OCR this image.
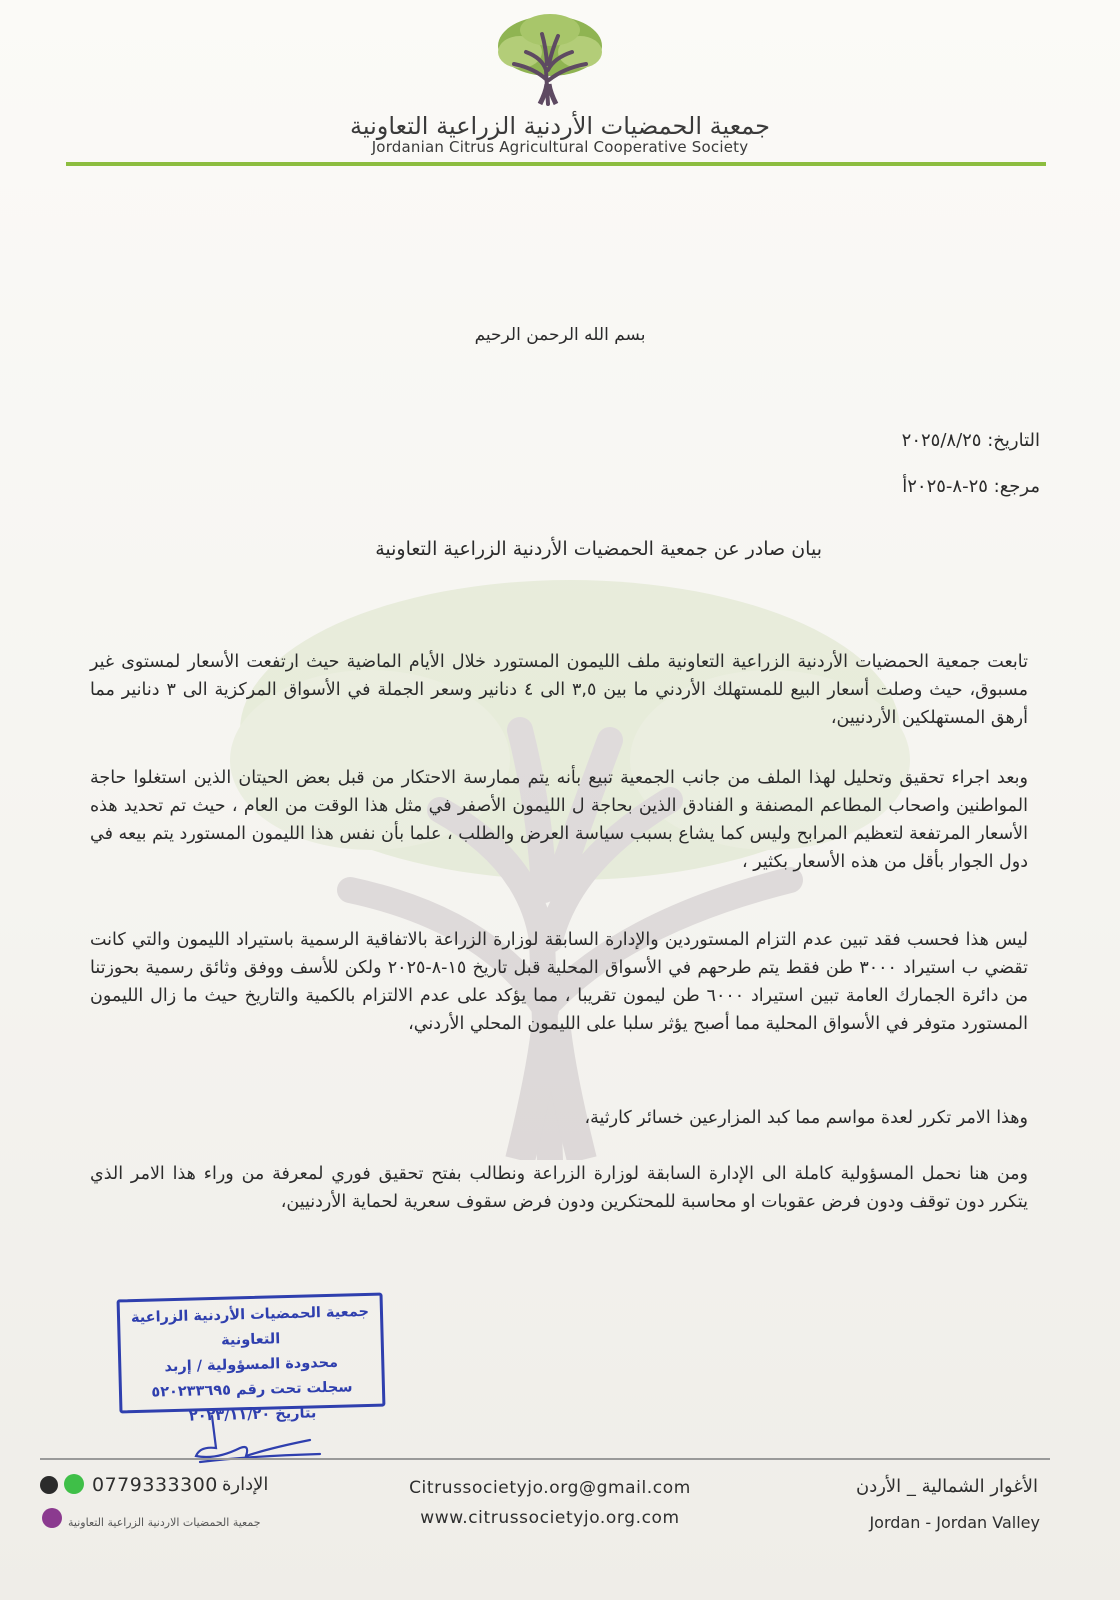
جمعية الحمضيات الأردنية الزراعية التعاونية
Jordanian Citrus Agricultural Cooperative Society
بسم الله الرحمن الرحيم
التاريخ: ٢٠٢٥/٨/٢٥
مرجع: ٢٥-٨-٢٠٢٥أ
بيان صادر عن جمعية الحمضيات الأردنية الزراعية التعاونية
تابعت جمعية الحمضيات الأردنية الزراعية التعاونية ملف الليمون المستورد خلال الأيام الماضية حيث ارتفعت الأسعار لمستوى غير مسبوق، حيث وصلت أسعار البيع للمستهلك الأردني ما بين ٣,٥ الى ٤ دنانير وسعر الجملة في الأسواق المركزية الى ٣ دنانير مما أرهق المستهلكين الأردنيين،
وبعد اجراء تحقيق وتحليل لهذا الملف من جانب الجمعية تبيع بأنه يتم ممارسة الاحتكار من قبل بعض الحيتان الذين استغلوا حاجة المواطنين واصحاب المطاعم المصنفة و الفنادق الذين بحاجة ل الليمون الأصفر في مثل هذا الوقت من العام ، حيث تم تحديد هذه الأسعار المرتفعة لتعظيم المرابح وليس كما يشاع بسبب سياسة العرض والطلب ، علما بأن نفس هذا الليمون المستورد يتم بيعه في دول الجوار بأقل من هذه الأسعار بكثير ،
ليس هذا فحسب فقد تبين عدم التزام المستوردين والإدارة السابقة لوزارة الزراعة بالاتفاقية الرسمية باستيراد الليمون والتي كانت تقضي ب استيراد ٣٠٠٠ طن فقط يتم طرحهم في الأسواق المحلية قبل تاريخ ١٥-٨-٢٠٢٥ ولكن للأسف ووفق وثائق رسمية بحوزتنا من دائرة الجمارك العامة تبين استيراد ٦٠٠٠ طن ليمون تقريبا ، مما يؤكد على عدم الالتزام بالكمية والتاريخ حيث ما زال الليمون المستورد متوفر في الأسواق المحلية مما أصبح يؤثر سلبا على الليمون المحلي الأردني،
وهذا الامر تكرر لعدة مواسم مما كبد المزارعين خسائر كارثية،
ومن هنا نحمل المسؤولية كاملة الى الإدارة السابقة لوزارة الزراعة ونطالب بفتح تحقيق فوري لمعرفة من وراء هذا الامر الذي يتكرر دون توقف ودون فرض عقوبات او محاسبة للمحتكرين ودون فرض سقوف سعرية لحماية الأردنيين،
جمعية الحمضيات الأردنية الزراعية التعاونية
محدودة المسؤولية / إربد
سجلت تحت رقم ٥٢٠٢٣٣٦٩٥
بتاريخ ٢٠٢٣/١١/٢٠
Citrussocietyjo.org@gmail.com
www.citrussocietyjo.org.com
الأغوار الشمالية _ الأردن
Jordan - Jordan Valley
0779333300 الإدارة
جمعية الحمضيات الاردنية الزراعية التعاونية
